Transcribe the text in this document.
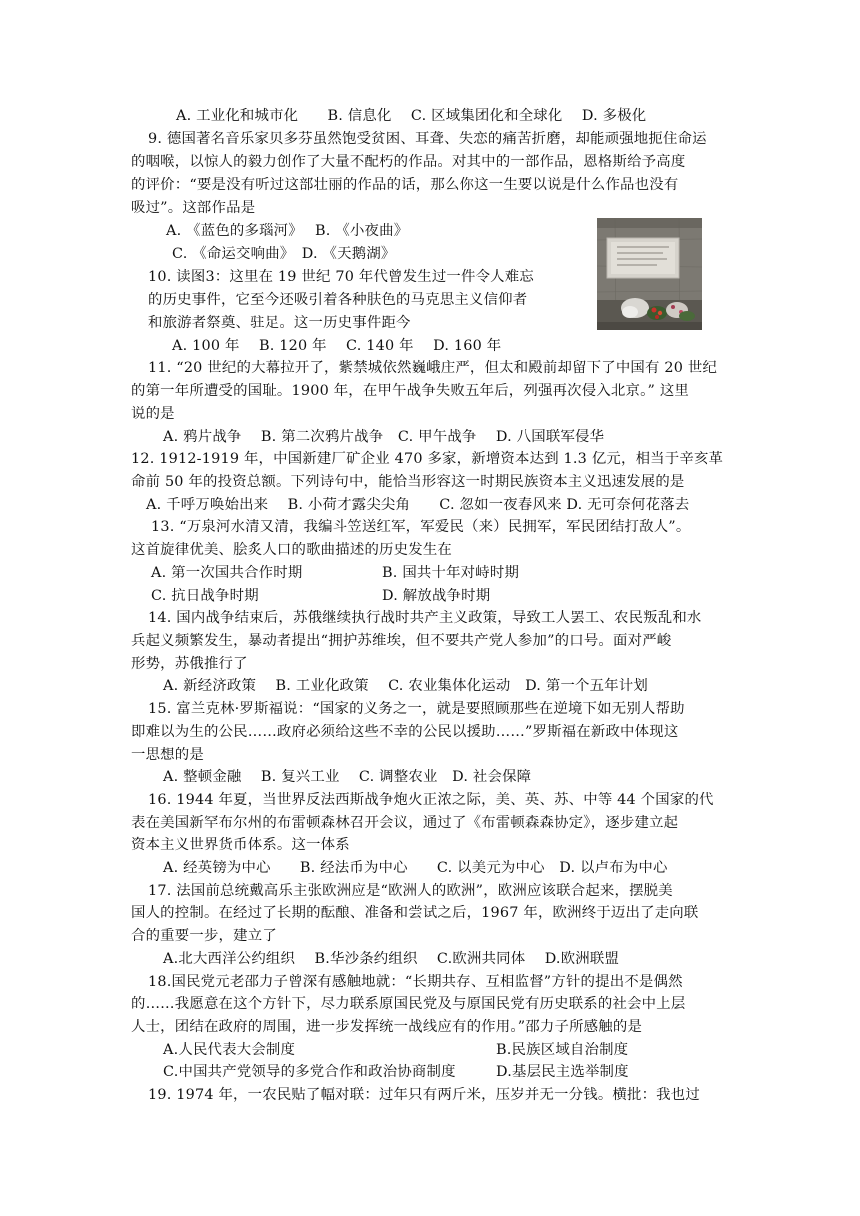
A. 工业化和城市化　　B. 信息化　 C. 区域集团化和全球化　 D. 多极化
9. 德国著名音乐家贝多芬虽然饱受贫困、耳聋、失恋的痛苦折磨，却能顽强地扼住命运
的咽喉，以惊人的毅力创作了大量不配朽的作品。对其中的一部作品，恩格斯给予高度
的评价：“要是没有听过这部壮丽的作品的话，那么你这一生要以说是什么作品也没有
吸过”。这部作品是
A. 《蓝色的多瑙河》　 B. 《小夜曲》
C. 《命运交响曲》　D. 《天鹅湖》
10. 读图3：这里在 19 世纪 70 年代曾发生过一件令人难忘
的历史事件，它至今还吸引着各种肤色的马克思主义信仰者
和旅游者祭奠、驻足。这一历史事件距今
A. 100 年　 B. 120 年　 C. 140 年　 D. 160 年
11. “20 世纪的大幕拉开了，紫禁城依然巍峨庄严，但太和殿前却留下了中国有 20 世纪
的第一年所遭受的国耻。1900 年，在甲午战争失败五年后，列强再次侵入北京。” 这里
说的是
A. 鸦片战争　 B. 第二次鸦片战争　C. 甲午战争　 D. 八国联军侵华
12. 1912-1919 年，中国新建厂矿企业 470 多家，新增资本达到 1.3 亿元，相当于辛亥革
命前 50 年的投资总额。下列诗句中，能恰当形容这一时期民族资本主义迅速发展的是
A. 千呼万唤始出来　 B. 小荷才露尖尖角　　C. 忽如一夜春风来 D. 无可奈何花落去
13. “万泉河水清又清，我编斗笠送红军，军爱民（来）民拥军，军民团结打敌人”。
这首旋律优美、脍炙人口的歌曲描述的历史发生在
A. 第一次国共合作时期	B. 国共十年对峙时期
C. 抗日战争时期	D. 解放战争时期
14. 国内战争结束后，苏俄继续执行战时共产主义政策，导致工人罢工、农民叛乱和水
兵起义频繁发生，暴动者提出“拥护苏维埃，但不要共产党人参加”的口号。面对严峻
形势，苏俄推行了
A. 新经济政策　 B. 工业化政策　 C. 农业集体化运动　D. 第一个五年计划
15. 富兰克林·罗斯福说：“国家的义务之一，就是要照顾那些在逆境下如无别人帮助
即难以为生的公民……政府必须给这些不幸的公民以援助……”罗斯福在新政中体现这
一思想的是
A. 整顿金融　 B. 复兴工业　 C. 调整农业　D. 社会保障
16. 1944 年夏，当世界反法西斯战争炮火正浓之际，美、英、苏、中等 44 个国家的代
表在美国新罕布尔州的布雷顿森林召开会议，通过了《布雷顿森森协定》，逐步建立起
资本主义世界货币体系。这一体系
A. 经英镑为中心　　B. 经法币为中心　　C. 以美元为中心　D. 以卢布为中心
17. 法国前总统戴高乐主张欧洲应是“欧洲人的欧洲”，欧洲应该联合起来，摆脱美
国人的控制。在经过了长期的酝酿、准备和尝试之后，1967 年，欧洲终于迈出了走向联
合的重要一步，建立了
A.北大西洋公约组织　 B.华沙条约组织　 C.欧洲共同体　 D.欧洲联盟
18.国民党元老邵力子曾深有感触地就：“长期共存、互相监督”方针的提出不是偶然
的……我愿意在这个方针下，尽力联系原国民党及与原国民党有历史联系的社会中上层
人士，团结在政府的周围，进一步发挥统一战线应有的作用。”邵力子所感触的是
A.人民代表大会制度	B.民族区域自治制度
C.中国共产党领导的多党合作和政治协商制度	D.基层民主选举制度
19. 1974 年，一农民贴了幅对联：过年只有两斤米，压岁并无一分钱。横批：我也过
